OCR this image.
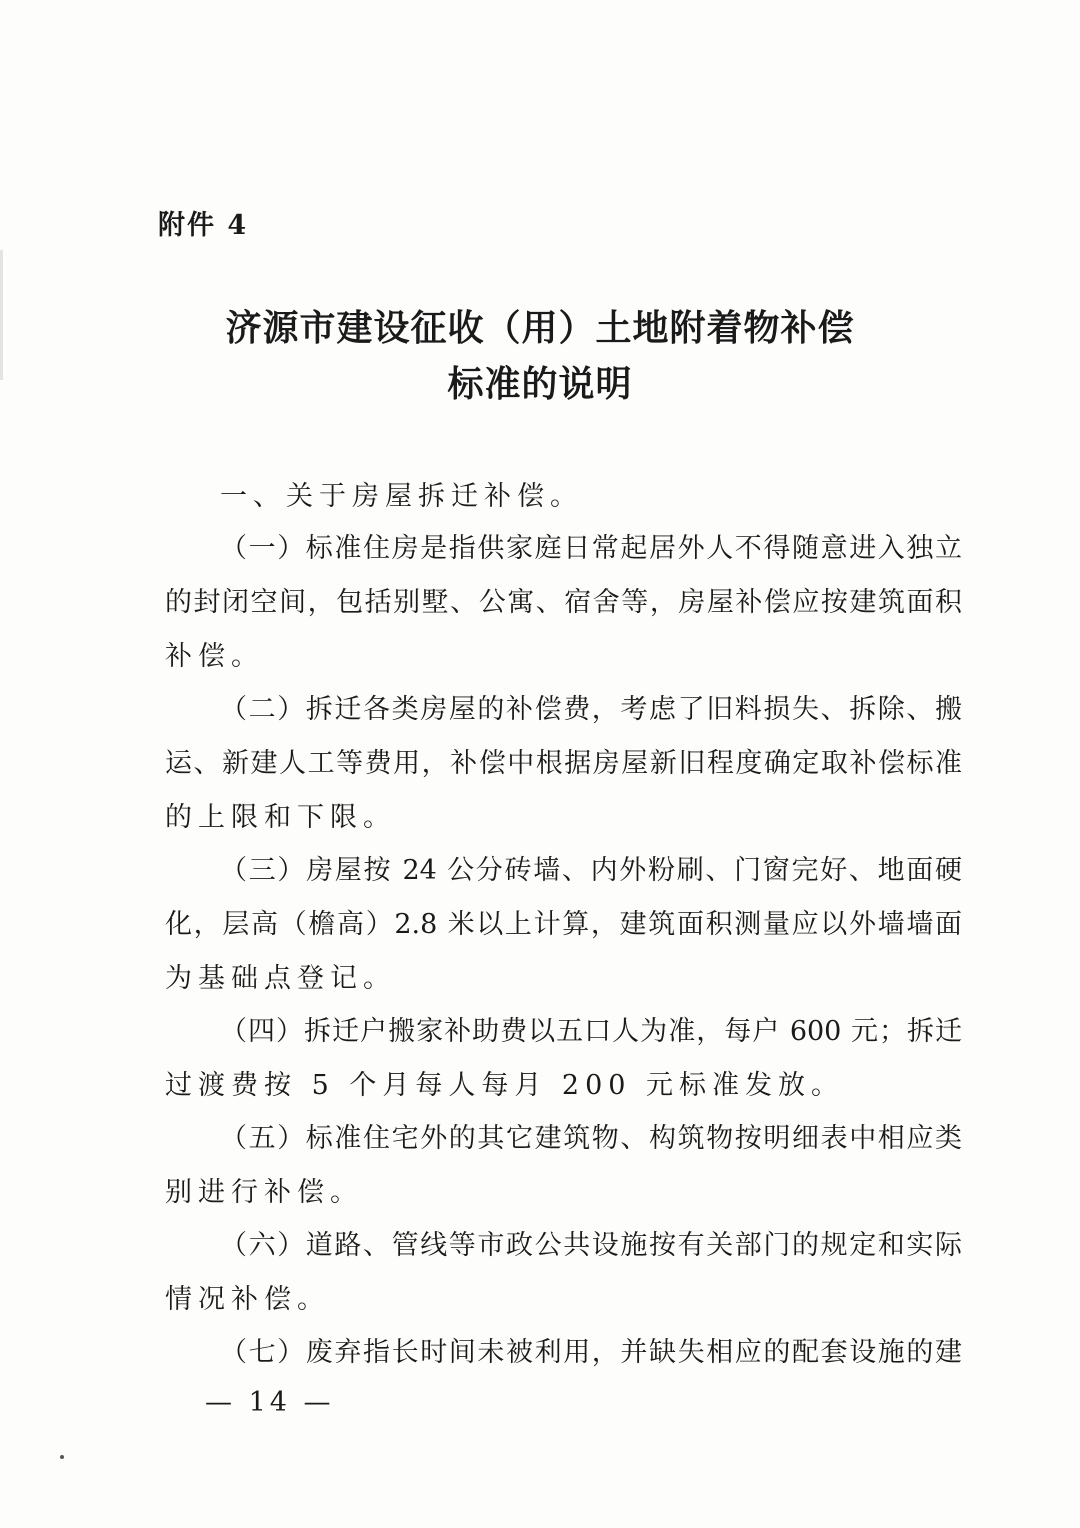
附件 4
济源市建设征收（用）土地附着物补偿
标准的说明
一、关于房屋拆迁补偿。
（一）标准住房是指供家庭日常起居外人不得随意进入独立
的封闭空间，包括别墅、公寓、宿舍等，房屋补偿应按建筑面积
补偿。
（二）拆迁各类房屋的补偿费，考虑了旧料损失、拆除、搬
运、新建人工等费用，补偿中根据房屋新旧程度确定取补偿标准
的上限和下限。
（三）房屋按 24 公分砖墙、内外粉刷、门窗完好、地面硬
化，层高（檐高）2.8 米以上计算，建筑面积测量应以外墙墙面
为基础点登记。
（四）拆迁户搬家补助费以五口人为准，每户 600 元；拆迁
过渡费按 5 个月每人每月 200 元标准发放。
（五）标准住宅外的其它建筑物、构筑物按明细表中相应类
别进行补偿。
（六）道路、管线等市政公共设施按有关部门的规定和实际
情况补偿。
（七）废弃指长时间未被利用，并缺失相应的配套设施的建
— 14 —
